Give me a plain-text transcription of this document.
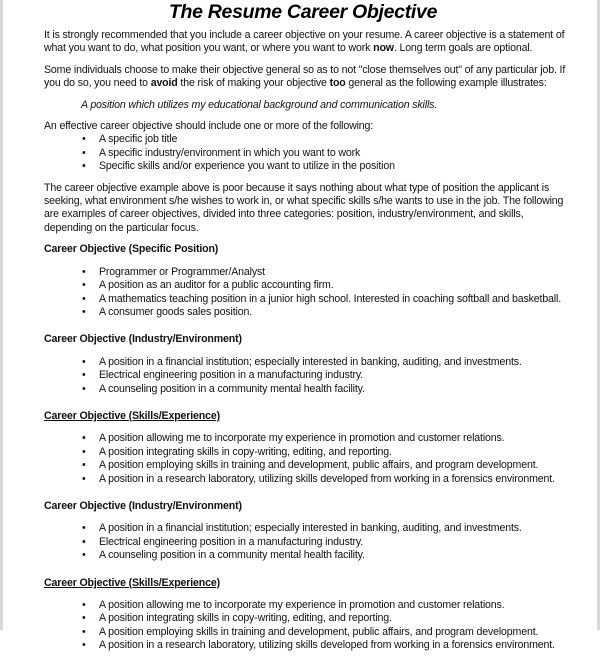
The Resume Career Objective

It is strongly recommended that you include a career objective on your resume. A career objective is a statement of what you want to do, what position you want, or where you want to work now. Long term goals are optional.

Some individuals choose to make their objective general so as to not "close themselves out" of any particular job. If you do so, you need to avoid the risk of making your objective too general as the following example illustrates:

A position which utilizes my educational background and communication skills.
An effective career objective should include one or more of the following:
• A specific job title
• A specific industry/environment in which you want to work
• Specific skills and/or experience you want to utilize in the position

The career objective example above is poor because it says nothing about what type of position the applicant is seeking, what environment s/he wishes to work in, or what specific skills s/he wants to use in the job. The following are examples of career objectives, divided into three categories: position, industry/environment, and skills, depending on the particular focus.

Career Objective (Specific Position)
• Programmer or Programmer/Analyst
• A position as an auditor for a public accounting firm.
• A mathematics teaching position in a junior high school. Interested in coaching softball and basketball.
• A consumer goods sales position.
Career Objective (Industry/Environment)
• A position in a financial institution; especially interested in banking, auditing, and investments.
• Electrical engineering position in a manufacturing industry.
• A counseling position in a community mental health facility.
Career Objective (Skills/Experience)
• A position allowing me to incorporate my experience in promotion and customer relations.
• A position integrating skills in copy-writing, editing, and reporting.
• A position employing skills in training and development, public affairs, and program development.
• A position in a research laboratory, utilizing skills developed from working in a forensics environment.
Career Objective (Industry/Environment)
• A position in a financial institution; especially interested in banking, auditing, and investments.
• Electrical engineering position in a manufacturing industry.
• A counseling position in a community mental health facility.
Career Objective (Skills/Experience)
• A position allowing me to incorporate my experience in promotion and customer relations.
• A position integrating skills in copy-writing, editing, and reporting.
• A position employing skills in training and development, public affairs, and program development.
• A position in a research laboratory, utilizing skills developed from working in a forensics environment.
